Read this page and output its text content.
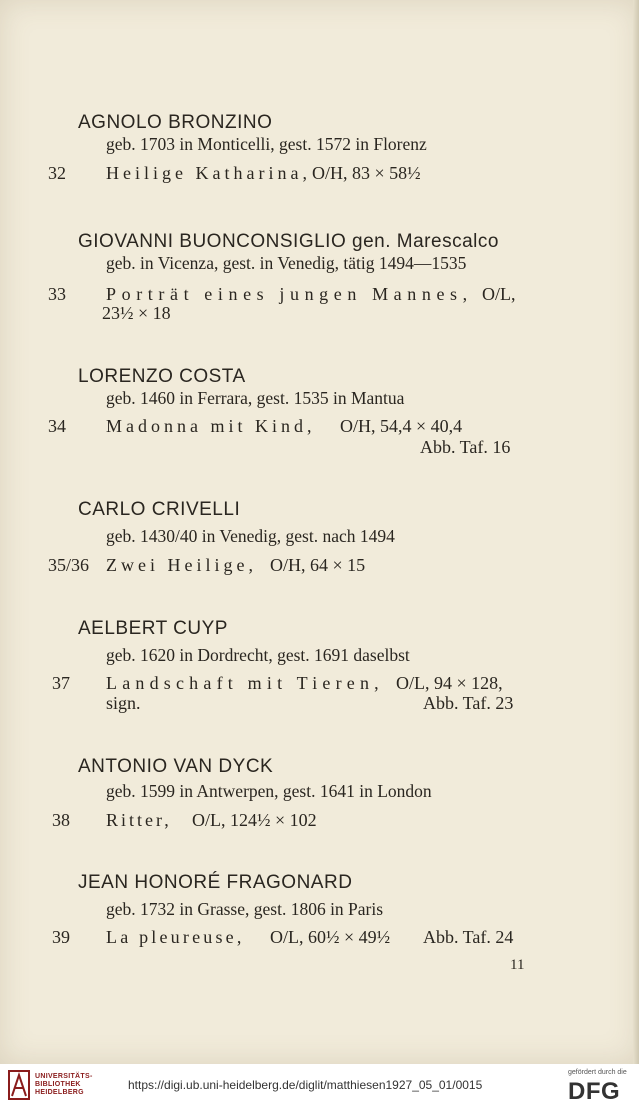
AGNOLO BRONZINO
geb. 1703 in Monticelli, gest. 1572 in Florenz
32 Heilige Katharina, O/H, 83 × 58½
GIOVANNI BUONCONSIGLIO gen. Marescalco
geb. in Vicenza, gest. in Venedig, tätig 1494—1535
33 Porträt eines jungen Mannes, O/L,
23½ × 18
LORENZO COSTA
geb. 1460 in Ferrara, gest. 1535 in Mantua
34 Madonna mit Kind, O/H, 54,4 × 40,4
Abb. Taf. 16
CARLO CRIVELLI
geb. 1430/40 in Venedig, gest. nach 1494
35/36 Zwei Heilige, O/H, 64 × 15
AELBERT CUYP
geb. 1620 in Dordrecht, gest. 1691 daselbst
37 Landschaft mit Tieren, O/L, 94 × 128,
sign.	Abb. Taf. 23
ANTONIO VAN DYCK
geb. 1599 in Antwerpen, gest. 1641 in London
38 Ritter, O/L, 124½ × 102
JEAN HONORÉ FRAGONARD
geb. 1732 in Grasse, gest. 1806 in Paris
39 La pleureuse, O/L, 60½ × 49½ Abb. Taf. 24
11
UNIVERSITÄTS-
BIBLIOTHEK
HEIDELBERG
https://digi.ub.uni-heidelberg.de/diglit/matthiesen1927_05_01/0015
gefördert durch die
DFG
